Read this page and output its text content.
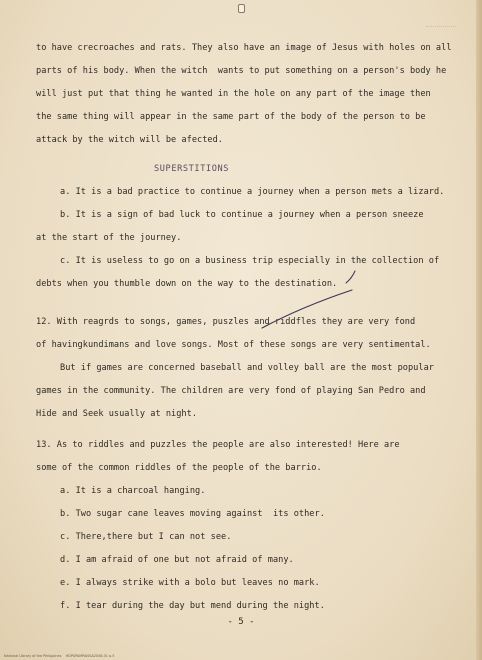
to have crecroaches and rats. They also have an image of Jesus with holes on all
parts of his body. When the witch  wants to put something on a person's body he
will just put that thing he wanted in the hole on any part of the image then
the same thing will appear in the same part of the body of the person to be
attack by the witch will be afected.
SUPERSTITIONS
a. It is a bad practice to continue a journey when a person mets a lizard.
b. It is a sign of bad luck to continue a journey when a person sneeze
at the start of the journey.
c. It is useless to go on a business trip especially in the collection of
debts when you thumble down on the way to the destination.
12. With reagrds to songs, games, puszles and riddfles they are very fond
of havingkundimans and love songs. Most of these songs are very sentimental.
But if games are concerned baseball and volley ball are the most popular
games in the community. The children are very fond of playing San Pedro and
Hide and Seek usually at night.
13. As to riddles and puzzles the people are also interested! Here are
some of the common riddles of the people of the barrio.
a. It is a charcoal hanging.
b. Two sugar cane leaves moving against  its other.
c. There,there but I can not see.
d. I am afraid of one but not afraid of many.
e. I always strike with a bolo but leaves no mark.
f. I tear during the day but mend during the night.
- 5 -
National Library of the Philippines    HDPSPAMPANGA2008-01 p.5
